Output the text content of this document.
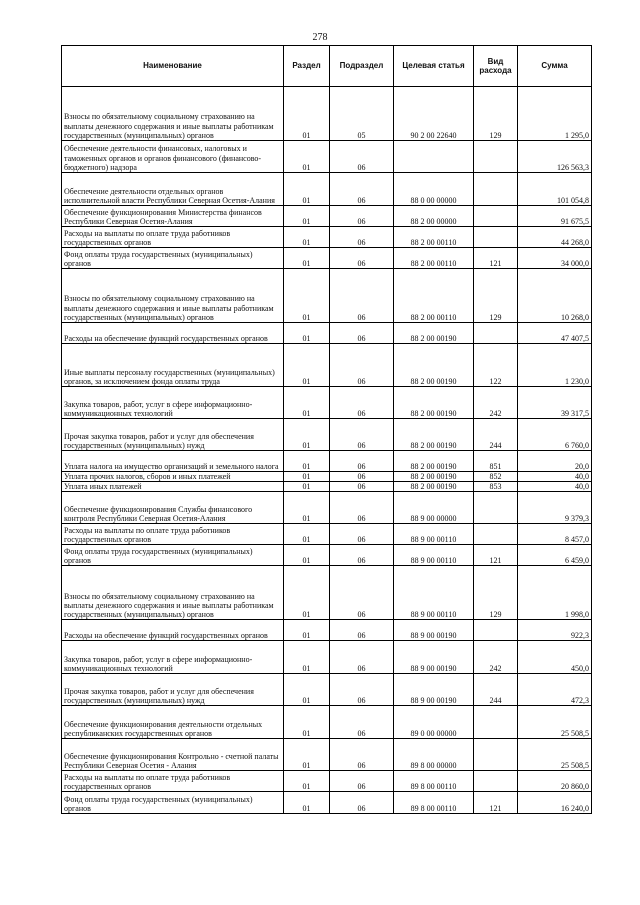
278
Наименование	Раздел	Подраздел	Целевая статья	Вид расхода	Сумма
Взносы по обязательному социальному страхованию на выплаты денежного содержания и иные выплаты работникам государственных (муниципальных) органов	01	05	90 2 00 22640	129	1 295,0
Обеспечение деятельности финансовых, налоговых и таможенных органов и органов финансового (финансово-бюджетного) надзора	01	06			126 563,3
Обеспечение деятельности отдельных органов исполнительной власти Республики Северная Осетия-Алания	01	06	88 0 00 00000		101 054,8
Обеспечение функционирования Министерства финансов Республики Северная Осетия-Алания	01	06	88 2 00 00000		91 675,5
Расходы на выплаты по оплате труда работников государственных органов	01	06	88 2 00 00110		44 268,0
Фонд оплаты труда государственных (муниципальных) органов	01	06	88 2 00 00110	121	34 000,0
Взносы по обязательному социальному страхованию на выплаты денежного содержания и иные выплаты работникам государственных (муниципальных) органов	01	06	88 2 00 00110	129	10 268,0
Расходы на обеспечение функций государственных органов	01	06	88 2 00 00190		47 407,5
Иные выплаты персоналу государственных (муниципальных) органов, за исключением фонда оплаты труда	01	06	88 2 00 00190	122	1 230,0
Закупка товаров, работ, услуг в сфере информационно-коммуникационных технологий	01	06	88 2 00 00190	242	39 317,5
Прочая закупка товаров, работ и услуг для обеспечения государственных (муниципальных) нужд	01	06	88 2 00 00190	244	6 760,0
Уплата налога на имущество организаций и земельного налога	01	06	88 2 00 00190	851	20,0
Уплата прочих налогов, сборов и иных платежей	01	06	88 2 00 00190	852	40,0
Уплата иных платежей	01	06	88 2 00 00190	853	40,0
Обеспечение функционирования Службы финансового контроля Республики Северная Осетия-Алания	01	06	88 9 00 00000		9 379,3
Расходы на выплаты по оплате труда работников государственных органов	01	06	88 9 00 00110		8 457,0
Фонд оплаты труда государственных (муниципальных) органов	01	06	88 9 00 00110	121	6 459,0
Взносы по обязательному социальному страхованию на выплаты денежного содержания и иные выплаты работникам государственных (муниципальных) органов	01	06	88 9 00 00110	129	1 998,0
Расходы на обеспечение функций государственных органов	01	06	88 9 00 00190		922,3
Закупка товаров, работ, услуг в сфере информационно-коммуникационных технологий	01	06	88 9 00 00190	242	450,0
Прочая закупка товаров, работ и услуг для обеспечения государственных (муниципальных) нужд	01	06	88 9 00 00190	244	472,3
Обеспечение функционирования деятельности отдельных республиканских государственных органов	01	06	89 0 00 00000		25 508,5
Обеспечение функционирования Контрольно - счетной палаты Республики Северная Осетия - Алания	01	06	89 8 00 00000		25 508,5
Расходы на выплаты по оплате труда работников государственных органов	01	06	89 8 00 00110		20 860,0
Фонд оплаты труда государственных (муниципальных) органов	01	06	89 8 00 00110	121	16 240,0
